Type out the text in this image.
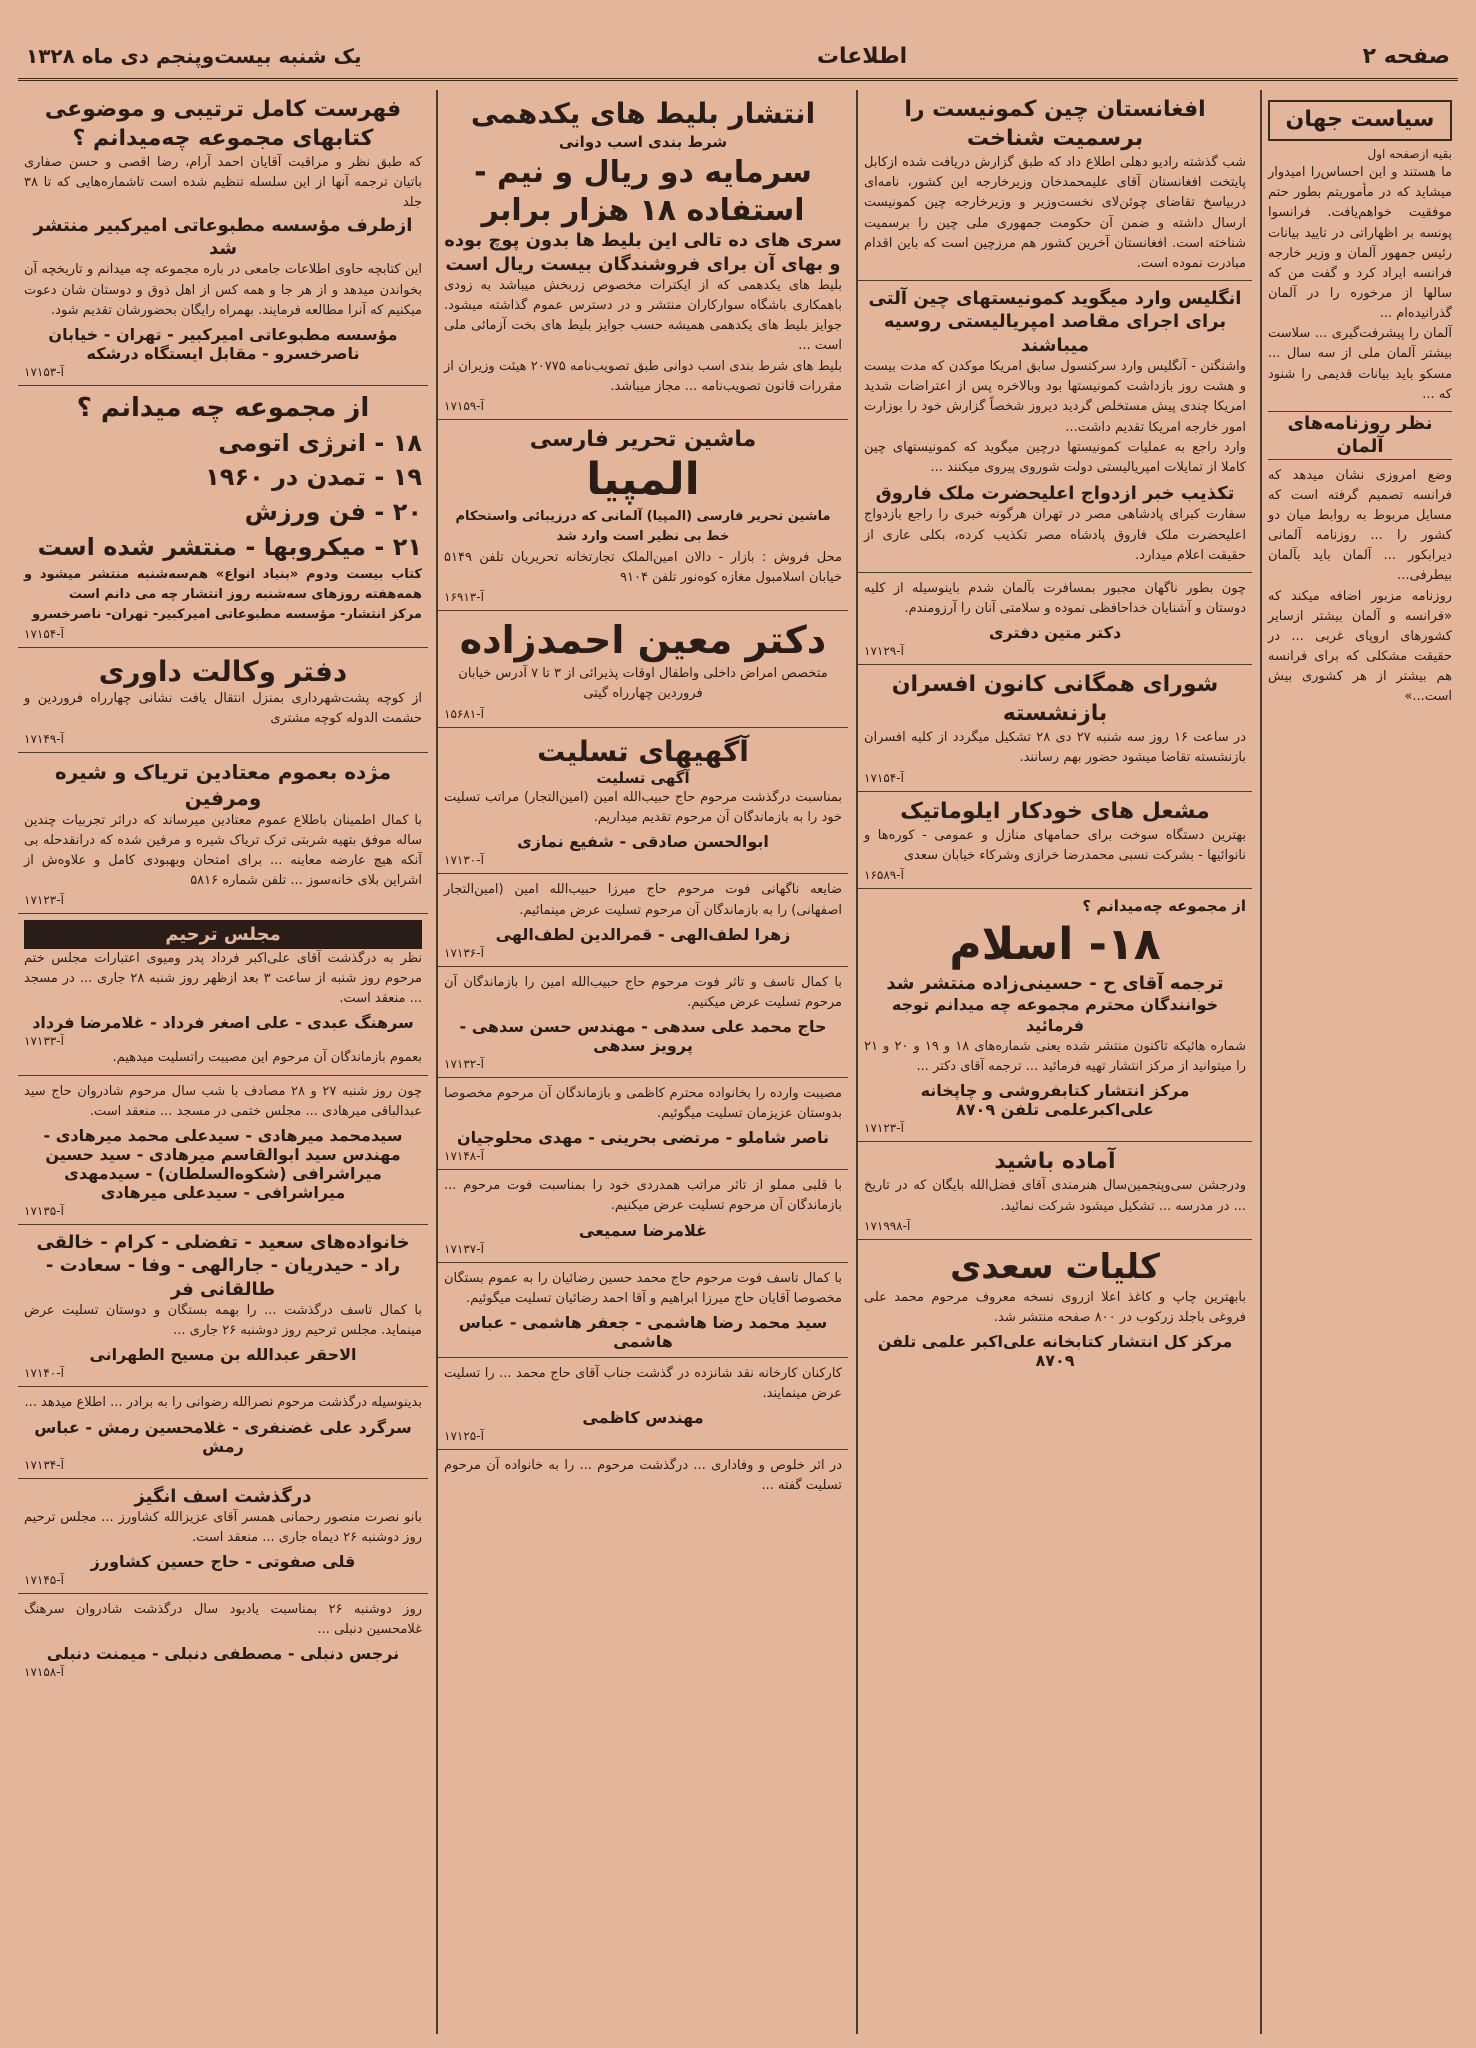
صفحه ۲
اطلاعات
یک شنبه بیست‌و‌پنجم دی ماه ۱۳۲۸
سیاست جهان
بقیه ازصفحه اول
ما هستند و این احساس‌را امیدوار میشاید که در مأموریتم بطور حتم موفقیت خواهم‌یافت. فرانسوا پونسه بر اظهاراتی در تایید بیانات رئیس جمهور آلمان و وزیر خارجه فرانسه ایراد کرد و گفت من که سالها از مرخوره را در آلمان گذرانیده‌ام ...
آلمان را پیشرفت‌گیری ... سلاست بیشتر آلمان ملی از سه سال ... مسکو باید بیانات قدیمی را شنود که ...
نظر روزنامه‌های آلمان
وضع امروزی نشان میدهد که فرانسه تصمیم گرفته است که مسایل مربوط به روابط میان دو کشور را ... روزنامه آلمانی دیرابکور ... آلمان باید بآلمان بیطرفی...
روزنامه مزبور اضافه میکند که «فرانسه و آلمان بیشتر ازسایر کشورهای اروپای غربی ... در حقیقت مشکلی که برای فرانسه هم بیشتر از هر کشوری بیش است...»
افغانستان چین کمونیست را برسمیت شناخت
شب گذشته رادیو دهلی اطلاع داد که طبق گزارش دریافت شده ازکابل پایتخت افغانستان آقای علیمحمدخان وزیرخارجه این کشور، نامه‌ای دربیاسخ تقاضای چوئن‌لای نخست‌وزیر و وزیرخارجه چین کمونیست ارسال داشته و ضمن آن حکومت جمهوری ملی چین را برسمیت شناخته است. افغانستان آخرین کشور هم مرزچین است که باین اقدام مبادرت نموده است.
انگلیس وارد میگوید کمونیستهای چین آلتی برای اجرای مقاصد امپریالیستی روسیه میباشند
واشنگتن - آنگلیس وارد سرکنسول سابق امریکا موکدن که مدت بیست و هشت روز بازداشت کمونیستها بود وبالاخره پس از اعتراضات شدید امریکا چندی پیش مستخلص گردید دیروز شخصاً گزارش خود را بوزارت امور خارجه امریکا تقدیم داشت...
وارد راجع به عملیات کمونیستها درچین میگوید که کمونیستهای چین کاملا از تمایلات امپریالیستی دولت شوروی پیروی میکنند ...
تکذیب خبر ازدواج اعلیحضرت ملک فاروق
سفارت کبرای پادشاهی مصر در تهران هرگونه خبری را راجع بازدواج اعلیحضرت ملک فاروق پادشاه مصر تکذیب کرده، بکلی عاری از حقیقت اعلام میدارد.
چون بطور ناگهان مجبور بمسافرت بآلمان شدم باینوسیله از کلیه دوستان و آشنایان خداحافظی نموده و سلامتی آنان را آرزومندم.
دکتر متین دفتری
آ-۱۷۱۲۹
شورای همگانی کانون افسران بازنشسته
در ساعت ۱۶ روز سه شنبه ۲۷ دی ۲۸ تشکیل میگردد از کلیه افسران بازنشسته تقاضا میشود حضور بهم رسانند.
آ-۱۷۱۵۴
مشعل های خودکار ایلوماتیک
بهترین دستگاه سوخت برای حمامهای منازل و عمومی - کوره‌ها و نانوائیها - بشرکت نسبی محمدرضا خرازی وشرکاء خیابان سعدی
آ-۱۶۵۸۹
از مجموعه چه‌میدانم ؟
۱۸- اسلام
ترجمه آقای ح - حسینی‌زاده منتشر شد
خوانندگان محترم مجموعه چه میدانم توجه فرمائید
شماره هائیکه تاکنون منتشر شده یعنی شماره‌های ۱۸ و ۱۹ و ۲۰ و ۲۱ را میتوانید از مرکز انتشار تهیه فرمائید ... ترجمه آقای دکتر ...
مرکز انتشار کتابفروشی و چاپخانه علی‌اکبرعلمی تلفن ۸۷۰۹
آ-۱۷۱۲۳
آماده باشید
ودرجشن سی‌وپنجمین‌سال هنرمندی آقای فضل‌الله بایگان که در تاریخ ... در مدرسه ... تشکیل میشود شرکت نمائید.
آ-۱۷۱۹۹۸
کلیات سعدی
بابهترین چاپ و کاغذ اعلا ازروی نسخه معروف مرحوم محمد علی فروغی باجلد زرکوب در ۸۰۰ صفحه منتشر شد.
مرکز کل انتشار کتابخانه علی‌اکبر علمی تلفن ۸۷۰۹
انتشار بلیط های یکدهمی
شرط بندی اسب دوانی
سرمایه دو ریال و نیم -
استفاده ۱۸ هزار برابر
سری های ده تالی این بلیط ها بدون پوچ بوده و بهای آن برای فروشندگان بیست ریال است
بلیط های یکدهمی که از ایکترات مخصوص زربخش میباشد به زودی باهمکاری باشگاه سوارکاران منتشر و در دسترس عموم گذاشته میشود. جوایز بلیط های یکدهمی همیشه حسب جوایز بلیط های بخت آزمائی ملی است ...
بلیط های شرط بندی اسب دوانی طبق تصویب‌نامه ۲۰۷۷۵ هیئت وزیران از مقررات قانون تصویب‌نامه ... مجاز میباشد.
آ-۱۷۱۵۹
ماشین تحریر فارسی
المپیا
ماشین تحریر فارسی (المپیا) آلمانی که درزیبائی واستحکام خط بی نظیر است وارد شد
محل فروش : بازار - دالان امین‌الملک تجارتخانه تحریریان تلفن ۵۱۴۹ خیابان اسلامبول مغازه کوه‌نور تلفن ۹۱۰۴
آ-۱۶۹۱۳
دکتر معین احمدزاده
متخصص امراض داخلی واطفال اوقات پذیرائی از ۳ تا ۷ آدرس خیابان فروردین چهارراه گیتی
آ-۱۵۶۸۱
آگهیهای تسلیت
آگهی تسلیت
بمناسبت درگذشت مرحوم حاج حبیب‌الله امین (امین‌التجار) مراتب تسلیت خود را به بازماندگان آن مرحوم تقدیم میداریم.
ابوالحسن صادقی - شفیع نمازی
آ-۱۷۱۳۰
ضایعه ناگهانی فوت مرحوم حاج میرزا حبیب‌الله امین (امین‌التجار اصفهانی) را به بازماندگان آن مرحوم تسلیت عرض مینمائیم.
زهرا لطف‌الهی - قمرالدین لطف‌الهی
آ-۱۷۱۳۶
با کمال تاسف و تاثر فوت مرحوم حاج حبیب‌الله امین را بازماندگان آن مرحوم تسلیت عرض میکنیم.
حاج محمد علی سدهی - مهندس حسن سدهی - پرویز سدهی
آ-۱۷۱۳۲
مصیبت وارده را بخانواده محترم کاظمی و بازماندگان آن مرحوم مخصوصا بدوستان عزیزمان تسلیت میگوئیم.
ناصر شاملو - مرتضی بحرینی - مهدی محلوجیان
آ-۱۷۱۴۸
با قلبی مملو از تاثر مراتب همدردی خود را بمناسبت فوت مرحوم ... بازماندگان آن مرحوم تسلیت عرض میکنیم.
غلامرضا سمیعی
آ-۱۷۱۳۷
با کمال تاسف فوت مرحوم حاج محمد حسین رضائیان را به عموم بستگان مخصوصا آقایان حاج میرزا ابراهیم و آقا احمد رضائیان تسلیت میگوئیم.
سید محمد رضا هاشمی - جعفر هاشمی - عباس هاشمی
کارکنان کارخانه نقد شانزده در گذشت جناب آقای حاج محمد ... را تسلیت عرض مینمایند.
مهندس کاظمی
آ-۱۷۱۲۵
در اثر خلوص و وفاداری ... درگذشت مرحوم ... را به خانواده آن مرحوم تسلیت گفته ...
فهرست کامل ترتیبی و موضوعی کتابهای مجموعه چه‌میدانم ؟
که طبق نظر و مراقبت آقایان احمد آرام، رضا اقصی و حسن صفاری باتیان ترجمه آنها از این سلسله تنظیم شده است تاشماره‌هایی که تا ۳۸ جلد
ازطرف مؤسسه مطبوعاتی امیرکبیر منتشر شد
این کتابچه حاوی اطلاعات جامعی در باره مجموعه چه میدانم و تاریخچه آن بخواندن میدهد و از هر جا و همه کس از اهل ذوق و دوستان شان دعوت میکنیم که آنرا مطالعه فرمایند. بهمراه رایگان بحضورشان تقدیم شود.
مؤسسه مطبوعاتی امیرکبیر - تهران - خیابان ناصرخسرو - مقابل ایستگاه درشکه
آ-۱۷۱۵۳
از مجموعه چه میدانم ؟
۱۸ - انرژی اتومی
۱۹ - تمدن در ۱۹۶۰
۲۰ - فن ورزش
۲۱ - میکروبها - منتشر شده است
کتاب بیست ودوم «بنیاد انواع» هم‌سه‌شنبه منتشر میشود و همه‌هفته روزهای سه‌شنبه روز انتشار چه می دانم است
مرکز انتشار- مؤسسه مطبوعاتی امیرکبیر- تهران- ناصرخسرو
آ-۱۷۱۵۴
دفتر وکالت داوری
از کوچه پشت‌شهرداری بمنزل انتقال یافت نشانی چهارراه فروردین و حشمت الدوله کوچه مشتری
آ-۱۷۱۴۹
مژده بعموم معتادین تریاک و شیره ومرفین
با کمال اطمینان باطلاع عموم معتادین میرساند که دراثر تجربیات چندین ساله موفق بتهیه شربتی ترک تریاک شیره و مرفین شده که درانقدحله بی آنکه هیچ عارضه معاینه ... برای امتحان وبهبودی کامل و علاوه‌ش از اشراین بلای خانه‌سوز ... تلفن شماره ۵۸۱۶
آ-۱۷۱۲۳
مجلس ترحیم
نظر به درگذشت آقای علی‌اکبر فرداد پدر ومیوی اعتبارات مجلس ختم مرحوم روز شنبه از ساعت ۳ بعد ازظهر روز شنبه ۲۸ جاری ... در مسجد ... منعقد است.
سرهنگ عبدی - علی اصغر فرداد - غلامرضا فرداد
آ-۱۷۱۳۳
بعموم بازماندگان آن مرحوم این مصیبت راتسلیت میدهیم.
چون روز شنبه ۲۷ و ۲۸ مصادف با شب سال مرحوم شادروان حاج سید عبدالباقی میرهادی ... مجلس ختمی در مسجد ... منعقد است.
سیدمحمد میرهادی - سیدعلی محمد میرهادی - مهندس سید ابوالقاسم میرهادی - سید حسین میراشرافی (شکوه‌السلطان) - سیدمهدی میراشرافی - سیدعلی میرهادی
آ-۱۷۱۳۵
خانواده‌های سعید - تفضلی - کرام - خالقی راد - حیدریان - جارالهی - وفا - سعادت - طالقانی فر
با کمال تاسف درگذشت ... را بهمه بستگان و دوستان تسلیت عرض مینماید. مجلس ترحیم روز دوشنبه ۲۶ جاری ...
الاحقر عبدالله بن مسیح الطهرانی
آ-۱۷۱۴۰
بدینوسیله درگذشت مرحوم نصرالله رضوانی را به برادر ... اطلاع میدهد ...
سرگرد علی غضنفری - غلامحسین رمش - عباس رمش
آ-۱۷۱۳۴
درگذشت اسف انگیز
بانو نصرت منصور رحمانی همسر آقای عزیزالله کشاورز ... مجلس ترحیم روز دوشنبه ۲۶ دیماه جاری ... منعقد است.
قلی صفوتی - حاج حسین کشاورز
آ-۱۷۱۴۵
روز دوشنبه ۲۶ بمناسبت یادبود سال درگذشت شادروان سرهنگ غلامحسین دنبلی ...
نرجس دنبلی - مصطفی دنبلی - میمنت دنبلی
آ-۱۷۱۵۸
